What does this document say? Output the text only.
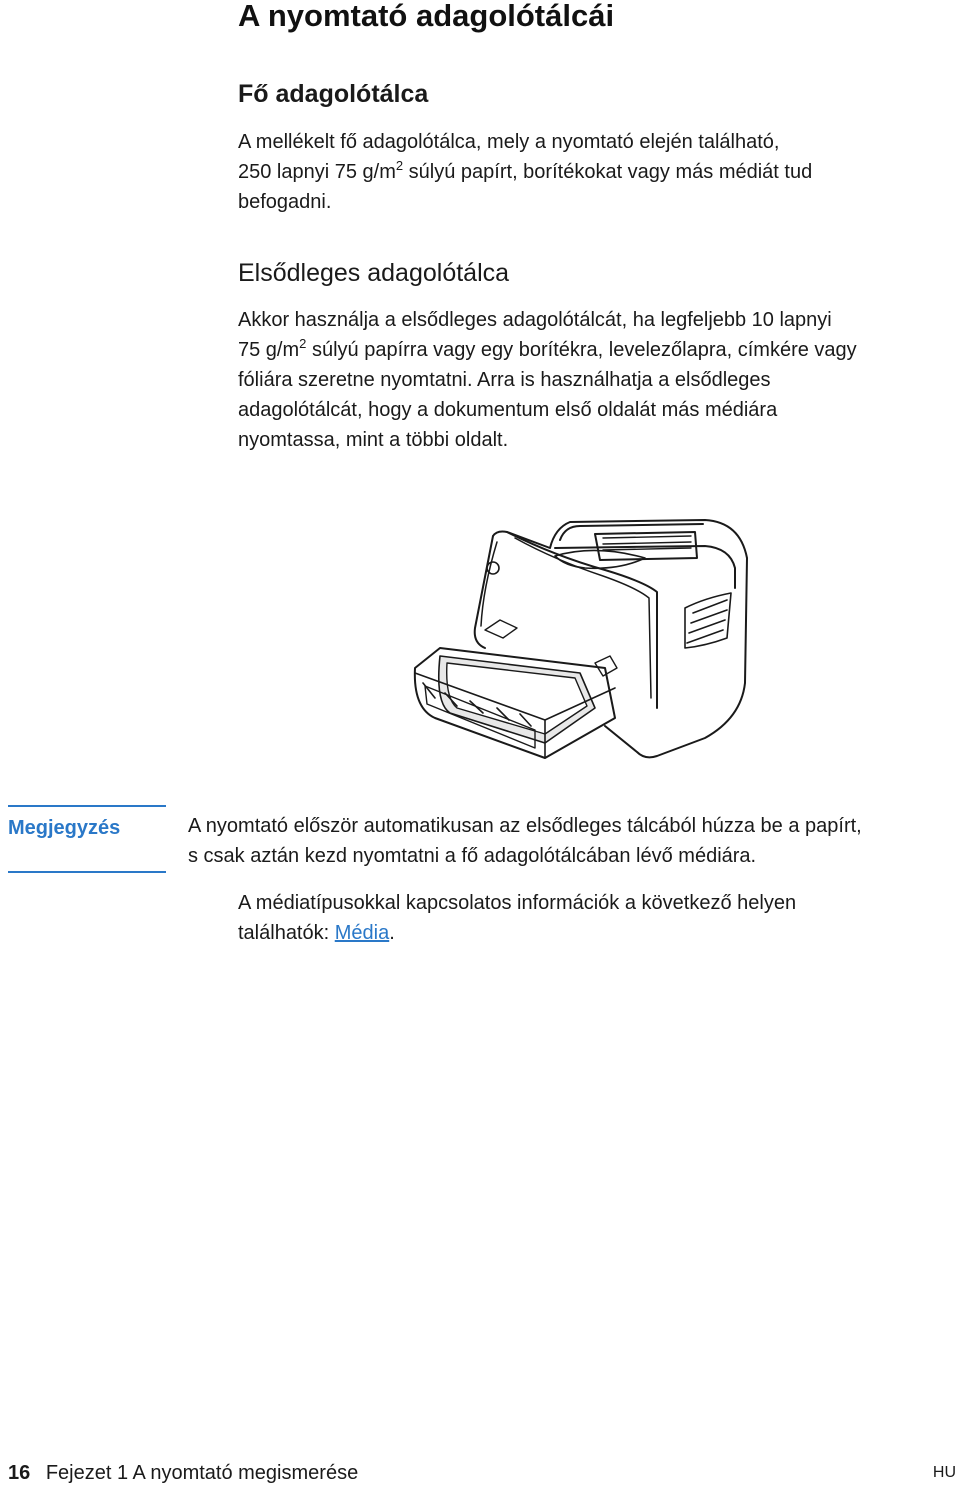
A nyomtató adagolótálcái
Fő adagolótálca

A mellékelt fő adagolótálca, mely a nyomtató elején található,
250 lapnyi 75 $g/m^2$ súlyú papírt, borítékokat vagy más médiát tud
befogadni.

Elsődleges adagolótálca

Akkor használja a elsődleges adagolótálcát, ha legfeljebb 10 lapnyi
75 $g/m^2$ súlyú papírra vagy egy borítékra, levelezőlapra, címkére vagy
fóliára szeretne nyomtatni. Arra is használhatja a elsődleges
adagolótálcát, hogy a dokumentum első oldalát más médiára
nyomtassa, mint a többi oldalt.

Megjegyzés	A nyomtató először automatikusan az elsődleges tálcából húzza be a papírt,
s csak aztán kezd nyomtatni a fő adagolótálcában lévő médiára.

A médiatípusokkal kapcsolatos információk a következő helyen
találhatók: Média.

16 Fejezet 1 A nyomtató megismerése	HU
